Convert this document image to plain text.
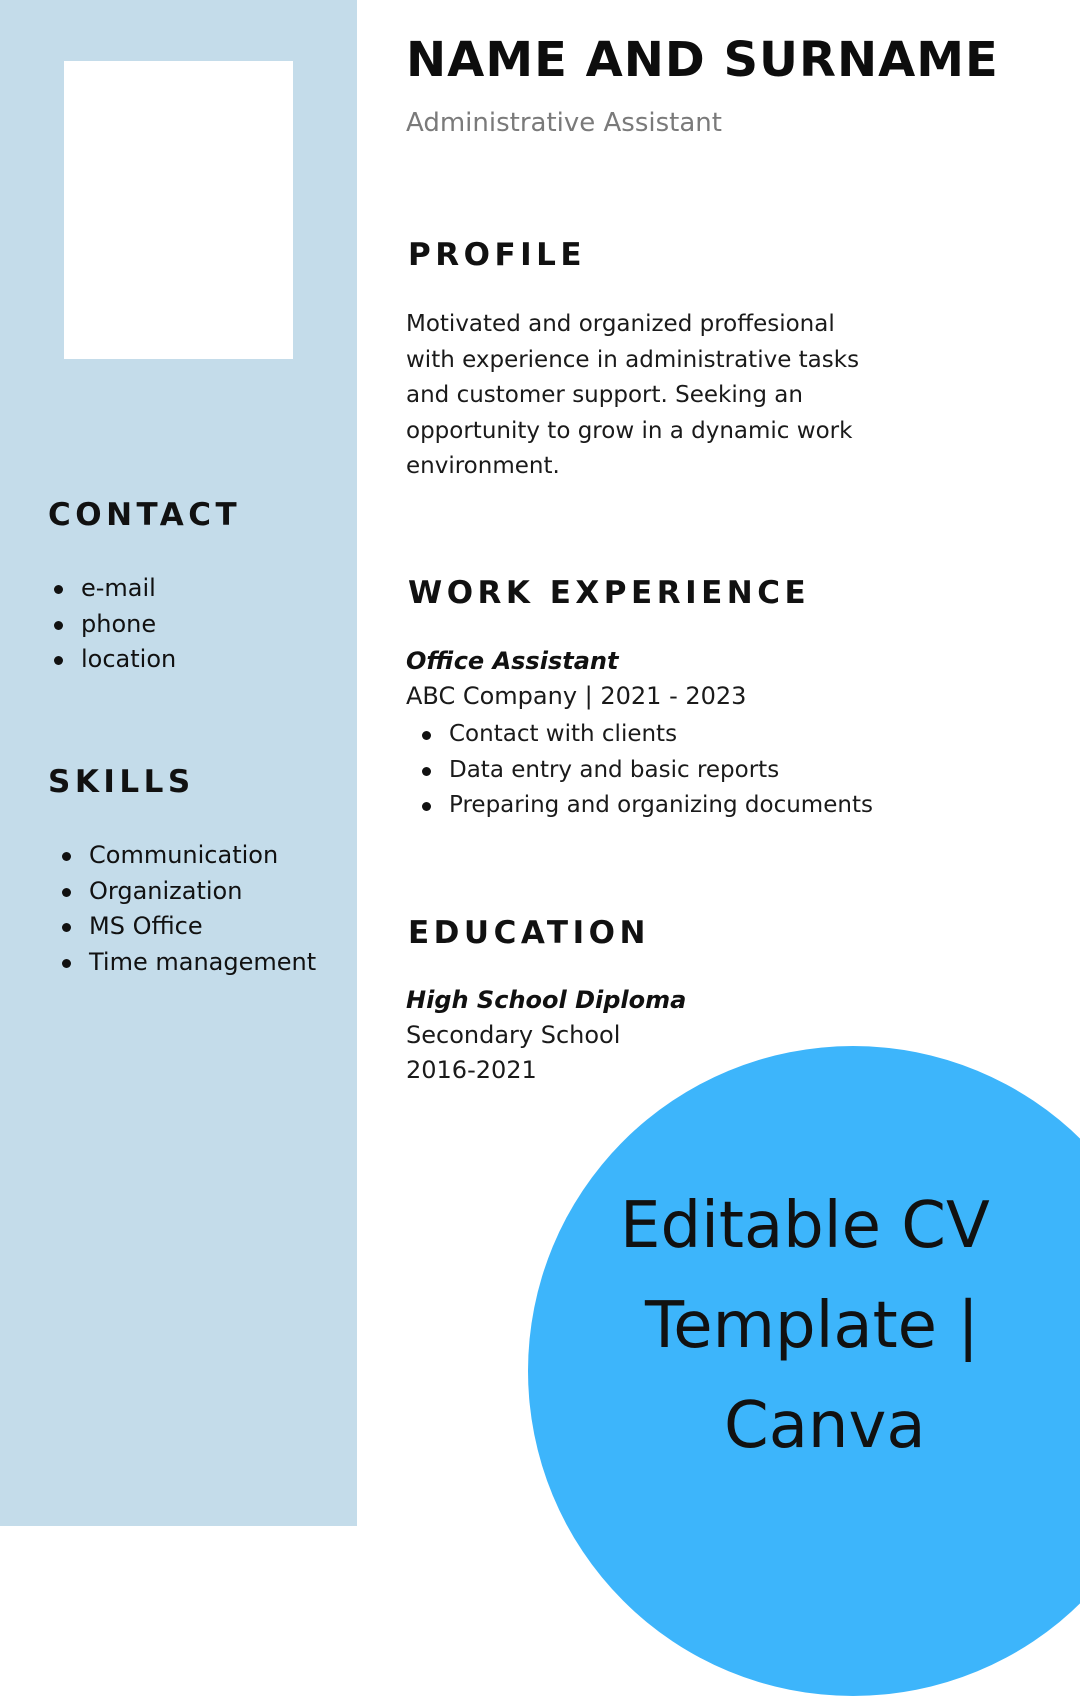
CONTACT
e-mail
phone
location
SKILLS
Communication
Organization
MS Office
Time management
NAME AND SURNAME
Administrative Assistant
PROFILE

Motivated and organized proffesional with experience in administrative tasks and customer support. Seeking an opportunity to grow in a dynamic work environment.

WORK EXPERIENCE
Office Assistant
ABC Company | 2021 - 2023
Contact with clients
Data entry and basic reports
Preparing and organizing documents
EDUCATION
High School Diploma
Secondary School
2016-2021
Editable CV
Template |
Canva
